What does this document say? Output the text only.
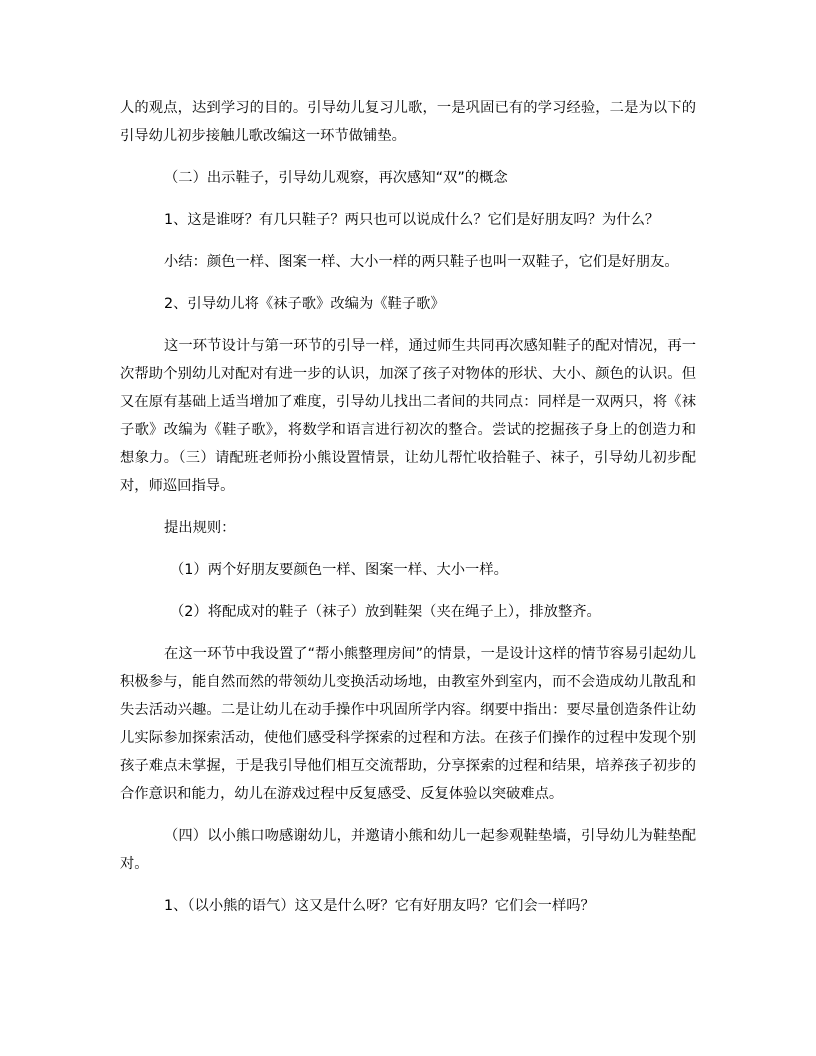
人的观点，达到学习的目的。引导幼儿复习儿歌，一是巩固已有的学习经验，二是为以下的引导幼儿初步接触儿歌改编这一环节做铺垫。

（二）出示鞋子，引导幼儿观察，再次感知“双”的概念

1、这是谁呀？有几只鞋子？两只也可以说成什么？它们是好朋友吗？为什么？

小结：颜色一样、图案一样、大小一样的两只鞋子也叫一双鞋子，它们是好朋友。

2、引导幼儿将《袜子歌》改编为《鞋子歌》

这一环节设计与第一环节的引导一样，通过师生共同再次感知鞋子的配对情况，再一次帮助个别幼儿对配对有进一步的认识，加深了孩子对物体的形状、大小、颜色的认识。但又在原有基础上适当增加了难度，引导幼儿找出二者间的共同点：同样是一双两只，将《袜子歌》改编为《鞋子歌》，将数学和语言进行初次的整合。尝试的挖掘孩子身上的创造力和想象力。（三）请配班老师扮小熊设置情景，让幼儿帮忙收拾鞋子、袜子，引导幼儿初步配对，师巡回指导。

提出规则：

（1）两个好朋友要颜色一样、图案一样、大小一样。

（2）将配成对的鞋子（袜子）放到鞋架（夹在绳子上），排放整齐。

在这一环节中我设置了“帮小熊整理房间”的情景，一是设计这样的情节容易引起幼儿积极参与，能自然而然的带领幼儿变换活动场地，由教室外到室内，而不会造成幼儿散乱和失去活动兴趣。二是让幼儿在动手操作中巩固所学内容。纲要中指出：要尽量创造条件让幼儿实际参加探索活动，使他们感受科学探索的过程和方法。在孩子们操作的过程中发现个别孩子难点未掌握，于是我引导他们相互交流帮助，分享探索的过程和结果，培养孩子初步的合作意识和能力，幼儿在游戏过程中反复感受、反复体验以突破难点。

（四）以小熊口吻感谢幼儿，并邀请小熊和幼儿一起参观鞋垫墙，引导幼儿为鞋垫配对。

1、（以小熊的语气）这又是什么呀？它有好朋友吗？它们会一样吗？
